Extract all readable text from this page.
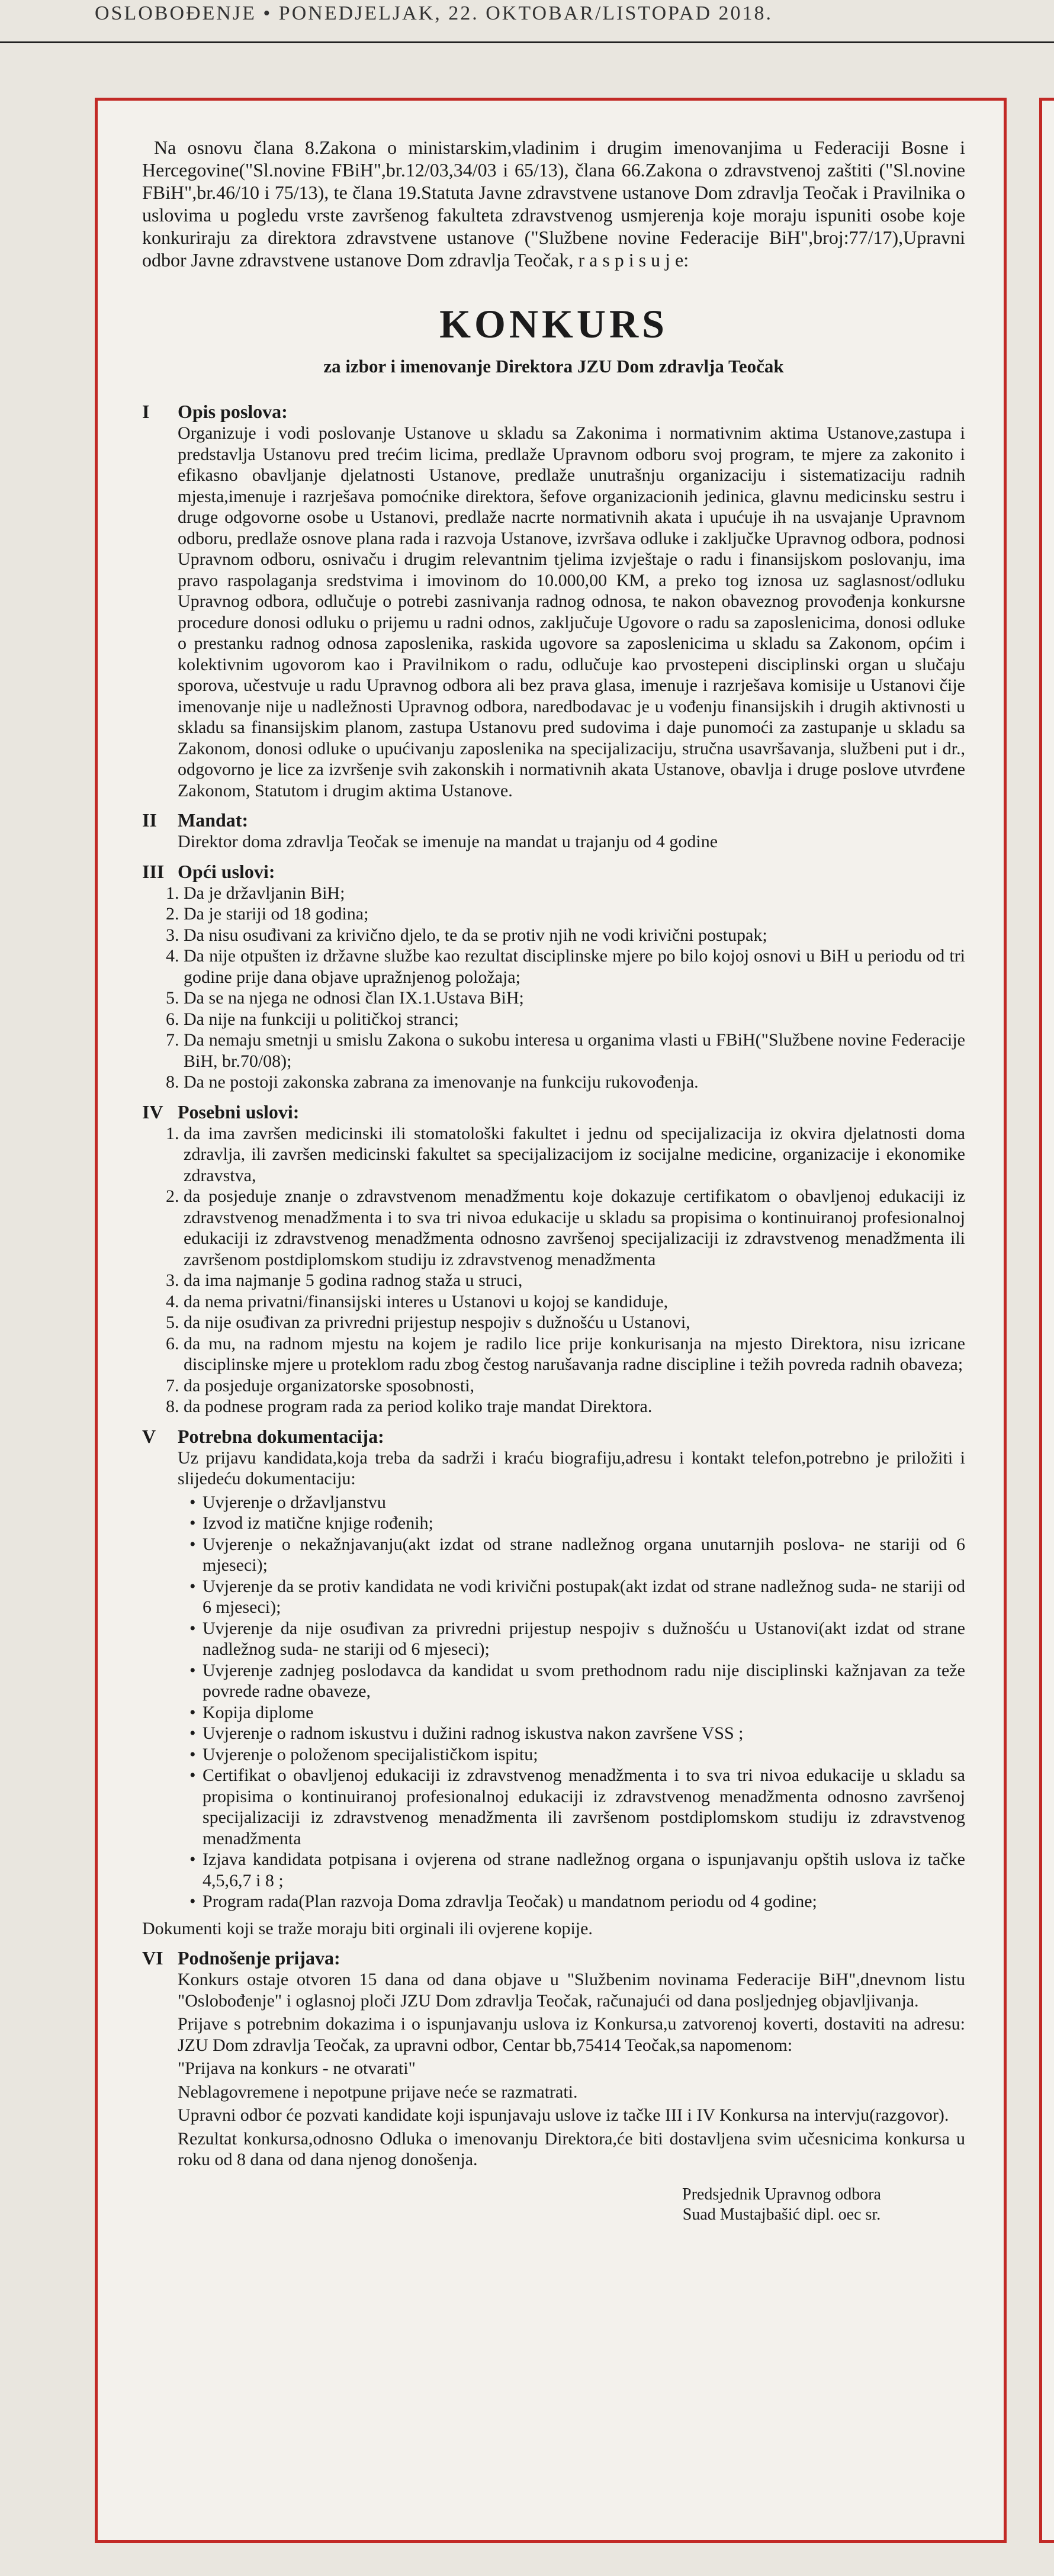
OSLOBOĐENJE • PONEDJELJAK, 22. OKTOBAR/LISTOPAD 2018.

Na osnovu člana 8.Zakona o ministarskim,vladinim i drugim imenovanjima u Federaciji Bosne i Hercegovine("Sl.novine FBiH",br.12/03,34/03 i 65/13), člana 66.Zakona o zdravstvenoj zaštiti ("Sl.novine FBiH",br.46/10 i 75/13), te člana 19.Statuta Javne zdravstvene ustanove Dom zdravlja Teočak i Pravilnika o uslovima u pogledu vrste završenog fakulteta zdravstvenog usmjerenja koje moraju ispuniti osobe koje konkuriraju za direktora zdravstvene ustanove ("Službene novine Federacije BiH",broj:77/17),Upravni odbor Javne zdravstvene ustanove Dom zdravlja Teočak, r a s p i s u j e:

KONKURS
za izbor i imenovanje Direktora JZU Dom zdravlja Teočak
I	Opis poslova:

Organizuje i vodi poslovanje Ustanove u skladu sa Zakonima i normativnim aktima Ustanove,zastupa i predstavlja Ustanovu pred trećim licima, predlaže Upravnom odboru svoj program, te mjere za zakonito i efikasno obavljanje djelatnosti Ustanove, predlaže unutrašnju organizaciju i sistematizaciju radnih mjesta,imenuje i razrješava pomoćnike direktora, šefove organizacionih jedinica, glavnu medicinsku sestru i druge odgovorne osobe u Ustanovi, predlaže nacrte normativnih akata i upućuje ih na usvajanje Upravnom odboru, predlaže osnove plana rada i razvoja Ustanove, izvršava odluke i zaključke Upravnog odbora, podnosi Upravnom odboru, osnivaču i drugim relevantnim tjelima izvještaje o radu i finansijskom poslovanju, ima pravo raspolaganja sredstvima i imovinom do 10.000,00 KM, a preko tog iznosa uz saglasnost/odluku Upravnog odbora, odlučuje o potrebi zasnivanja radnog odnosa, te nakon obaveznog provođenja konkursne procedure donosi odluku o prijemu u radni odnos, zaključuje Ugovore o radu sa zaposlenicima, donosi odluke o prestanku radnog odnosa zaposlenika, raskida ugovore sa zaposlenicima u skladu sa Zakonom, općim i kolektivnim ugovorom kao i Pravilnikom o radu, odlučuje kao prvostepeni disciplinski organ u slučaju sporova, učestvuje u radu Upravnog odbora ali bez prava glasa, imenuje i razrješava komisije u Ustanovi čije imenovanje nije u nadležnosti Upravnog odbora, naredbodavac je u vođenju finansijskih i drugih aktivnosti u skladu sa finansijskim planom, zastupa Ustanovu pred sudovima i daje punomoći za zastupanje u skladu sa Zakonom, donosi odluke o upućivanju zaposlenika na specijalizaciju, stručna usavršavanja, službeni put i dr., odgovorno je lice za izvršenje svih zakonskih i normativnih akata Ustanove, obavlja i druge poslove utvrđene Zakonom, Statutom i drugim aktima Ustanove.

II	Mandat:

Direktor doma zdravlja Teočak se imenuje na mandat u trajanju od 4 godine

III Opći uslovi:
1. Da je državljanin BiH;
2. Da je stariji od 18 godina;
3. Da nisu osuđivani za krivično djelo, te da se protiv njih ne vodi krivični postupak;
4. Da nije otpušten iz državne službe kao rezultat disciplinske mjere po bilo kojoj osnovi u BiH u periodu od tri godine prije dana objave upražnjenog položaja;
5. Da se na njega ne odnosi član IX.1.Ustava BiH;
6. Da nije na funkciji u političkoj stranci;
7. Da nemaju smetnji u smislu Zakona o sukobu interesa u organima vlasti u FBiH("Službene novine Federacije BiH, br.70/08);
8. Da ne postoji zakonska zabrana za imenovanje na funkciju rukovođenja.
IV Posebni uslovi:
1. da ima završen medicinski ili stomatološki fakultet i jednu od specijalizacija iz okvira djelatnosti doma zdravlja, ili završen medicinski fakultet sa specijalizacijom iz socijalne medicine, organizacije i ekonomike zdravstva,
2. da posjeduje znanje o zdravstvenom menadžmentu koje dokazuje certifikatom o obavljenoj edukaciji iz zdravstvenog menadžmenta i to sva tri nivoa edukacije u skladu sa propisima o kontinuiranoj profesionalnoj edukaciji iz zdravstvenog menadžmenta odnosno završenoj specijalizaciji iz zdravstvenog menadžmenta ili završenom postdiplomskom studiju iz zdravstvenog menadžmenta
3. da ima najmanje 5 godina radnog staža u struci,
4. da nema privatni/finansijski interes u Ustanovi u kojoj se kandiduje,
5. da nije osuđivan za privredni prijestup nespojiv s dužnošću u Ustanovi,
6. da mu, na radnom mjestu na kojem je radilo lice prije konkurisanja na mjesto Direktora, nisu izricane disciplinske mjere u proteklom radu zbog čestog narušavanja radne discipline i težih povreda radnih obaveza;
7. da posjeduje organizatorske sposobnosti,
8. da podnese program rada za period koliko traje mandat Direktora.
V	Potrebna dokumentacija:

Uz prijavu kandidata,koja treba da sadrži i kraću biografiju,adresu i kontakt telefon,potrebno je priložiti i slijedeću dokumentaciju:

• Uvjerenje o državljanstvu
• Izvod iz matične knjige rođenih;
• Uvjerenje o nekažnjavanju(akt izdat od strane nadležnog organa unutarnjih poslova- ne stariji od 6 mjeseci);
• Uvjerenje da se protiv kandidata ne vodi krivični postupak(akt izdat od strane nadležnog suda- ne stariji od 6 mjeseci);
• Uvjerenje da nije osuđivan za privredni prijestup nespojiv s dužnošću u Ustanovi(akt izdat od strane nadležnog suda- ne stariji od 6 mjeseci);
• Uvjerenje zadnjeg poslodavca da kandidat u svom prethodnom radu nije disciplinski kažnjavan za teže povrede radne obaveze,
• Kopija diplome
• Uvjerenje o radnom iskustvu i dužini radnog iskustva nakon završene VSS ;
• Uvjerenje o položenom specijalističkom ispitu;
• Certifikat o obavljenoj edukaciji iz zdravstvenog menadžmenta i to sva tri nivoa edukacije u skladu sa propisima o kontinuiranoj profesionalnoj edukaciji iz zdravstvenog menadžmenta odnosno završenoj specijalizaciji iz zdravstvenog menadžmenta ili završenom postdiplomskom studiju iz zdravstvenog menadžmenta
• Izjava kandidata potpisana i ovjerena od strane nadležnog organa o ispunjavanju opštih uslova iz tačke 4,5,6,7 i 8 ;
• Program rada(Plan razvoja Doma zdravlja Teočak) u mandatnom periodu od 4 godine;

Dokumenti koji se traže moraju biti orginali ili ovjerene kopije.

VI Podnošenje prijava:

Konkurs ostaje otvoren 15 dana od dana objave u "Službenim novinama Federacije BiH",dnevnom listu "Oslobođenje" i oglasnoj ploči JZU Dom zdravlja Teočak, računajući od dana posljednjeg objavljivanja.

Prijave s potrebnim dokazima i o ispunjavanju uslova iz Konkursa,u zatvorenoj koverti, dostaviti na adresu: JZU Dom zdravlja Teočak, za upravni odbor, Centar bb,75414 Teočak,sa napomenom:

"Prijava na konkurs - ne otvarati"

Neblagovremene i nepotpune prijave neće se razmatrati.

Upravni odbor će pozvati kandidate koji ispunjavaju uslove iz tačke III i IV Konkursa na intervju(razgovor).

Rezultat konkursa,odnosno Odluka o imenovanju Direktora,će biti dostavljena svim učesnicima konkursa u roku od 8 dana od dana njenog donošenja.

Predsjednik Upravnog odbora
Suad Mustajbašić dipl. oec sr.
